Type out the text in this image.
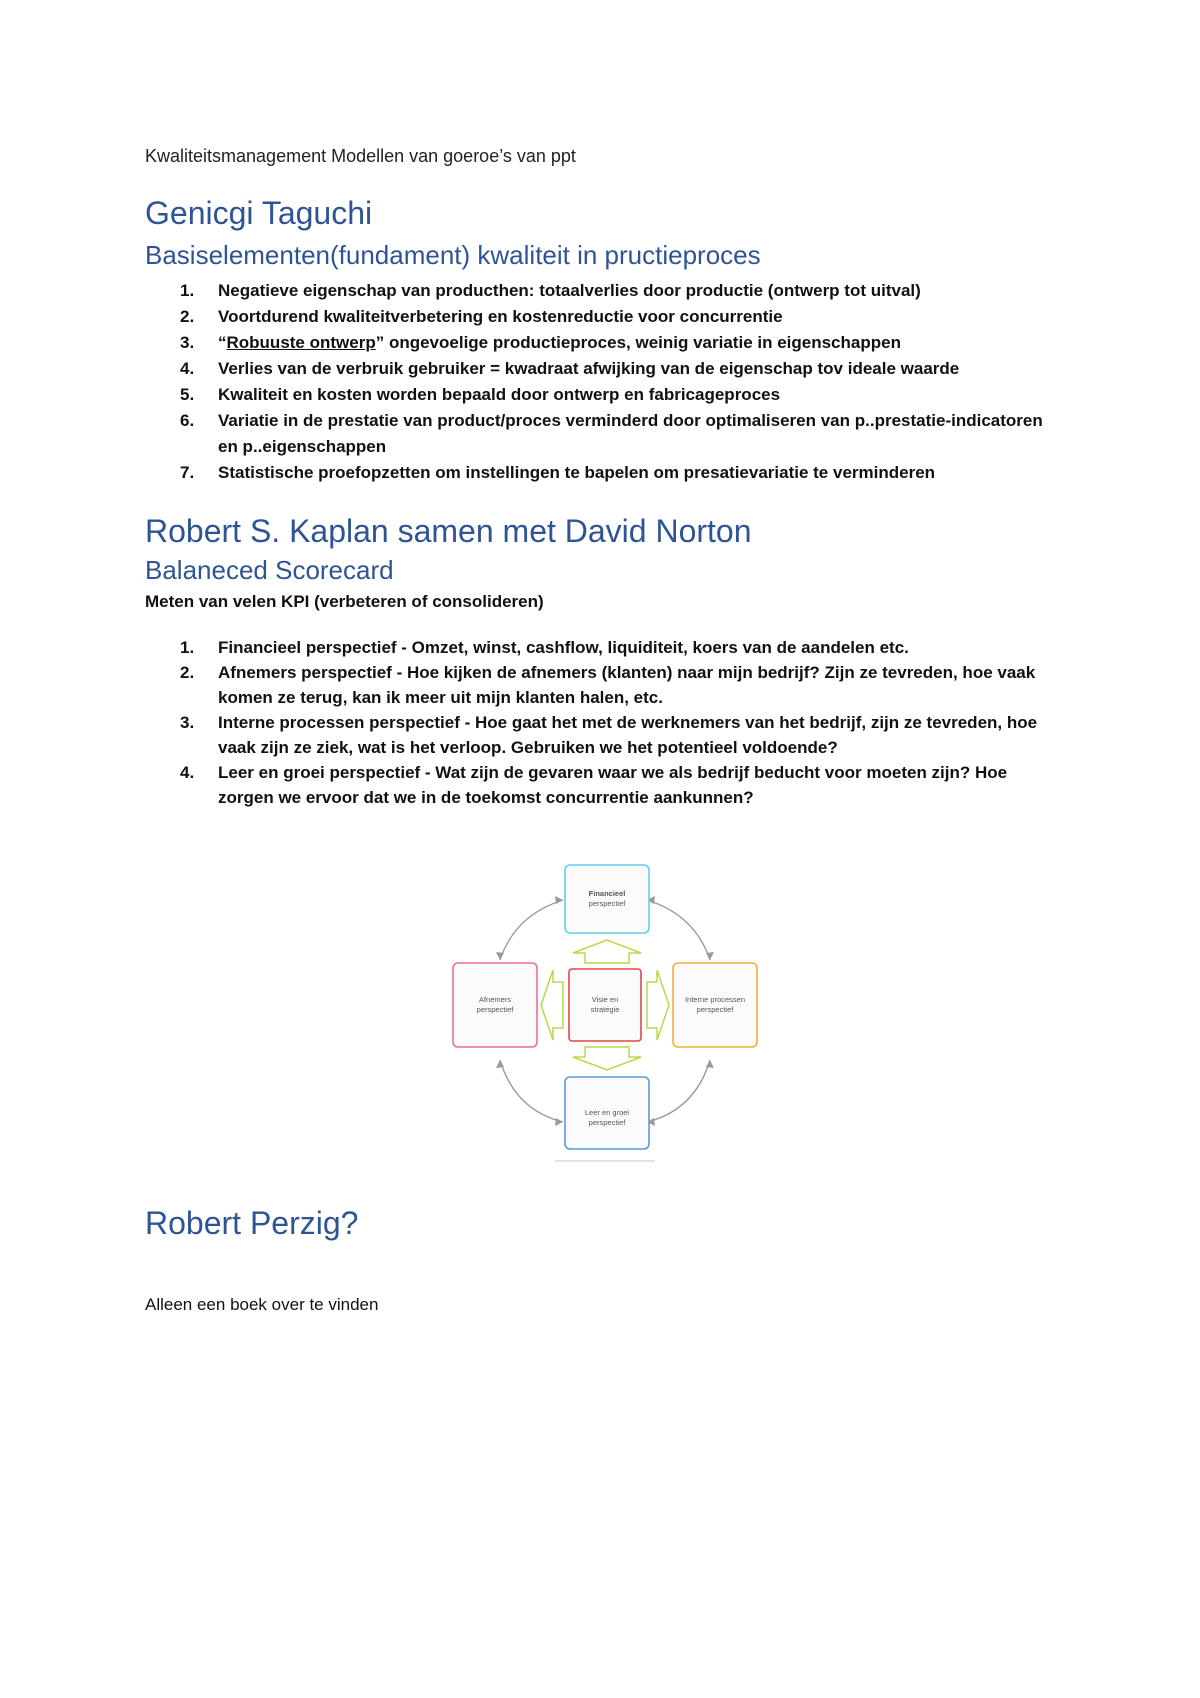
Kwaliteitsmanagement Modellen van goeroe’s van ppt
Genicgi Taguchi
Basiselementen(fundament) kwaliteit in pructieproces
1.	Negatieve eigenschap van producthen: totaalverlies door productie (ontwerp tot uitval)
2.	Voortdurend kwaliteitverbetering en kostenreductie voor concurrentie
3.	“Robuuste ontwerp” ongevoelige productieproces, weinig variatie in eigenschappen
4.	Verlies van de verbruik gebruiker = kwadraat afwijking van de eigenschap tov ideale waarde
5.	Kwaliteit en kosten worden bepaald door ontwerp en fabricageproces
6.	Variatie in de prestatie van product/proces verminderd door optimaliseren van p..prestatie-indicatoren en p..eigenschappen
7.	Statistische proefopzetten om instellingen te bapelen om presatievariatie te verminderen
Robert S. Kaplan samen met David Norton
Balaneced Scorecard
Meten van velen KPI (verbeteren of consolideren)
1.	Financieel perspectief - Omzet, winst, cashflow, liquiditeit, koers van de aandelen etc.
2.	Afnemers perspectief - Hoe kijken de afnemers (klanten) naar mijn bedrijf? Zijn ze tevreden, hoe vaak komen ze terug, kan ik meer uit mijn klanten halen, etc.
3.	Interne processen perspectief - Hoe gaat het met de werknemers van het bedrijf, zijn ze tevreden, hoe vaak zijn ze ziek, wat is het verloop. Gebruiken we het potentieel voldoende?
4.	Leer en groei perspectief - Wat zijn de gevaren waar we als bedrijf beducht voor moeten zijn? Hoe zorgen we ervoor dat we in de toekomst concurrentie aankunnen?
Financieel
perspectief
Afnemers
perspectief
Visie en
strategie
Interne processen
perspectief
Leer en groei
perspectief
Robert Perzig?
Alleen een boek over te vinden
